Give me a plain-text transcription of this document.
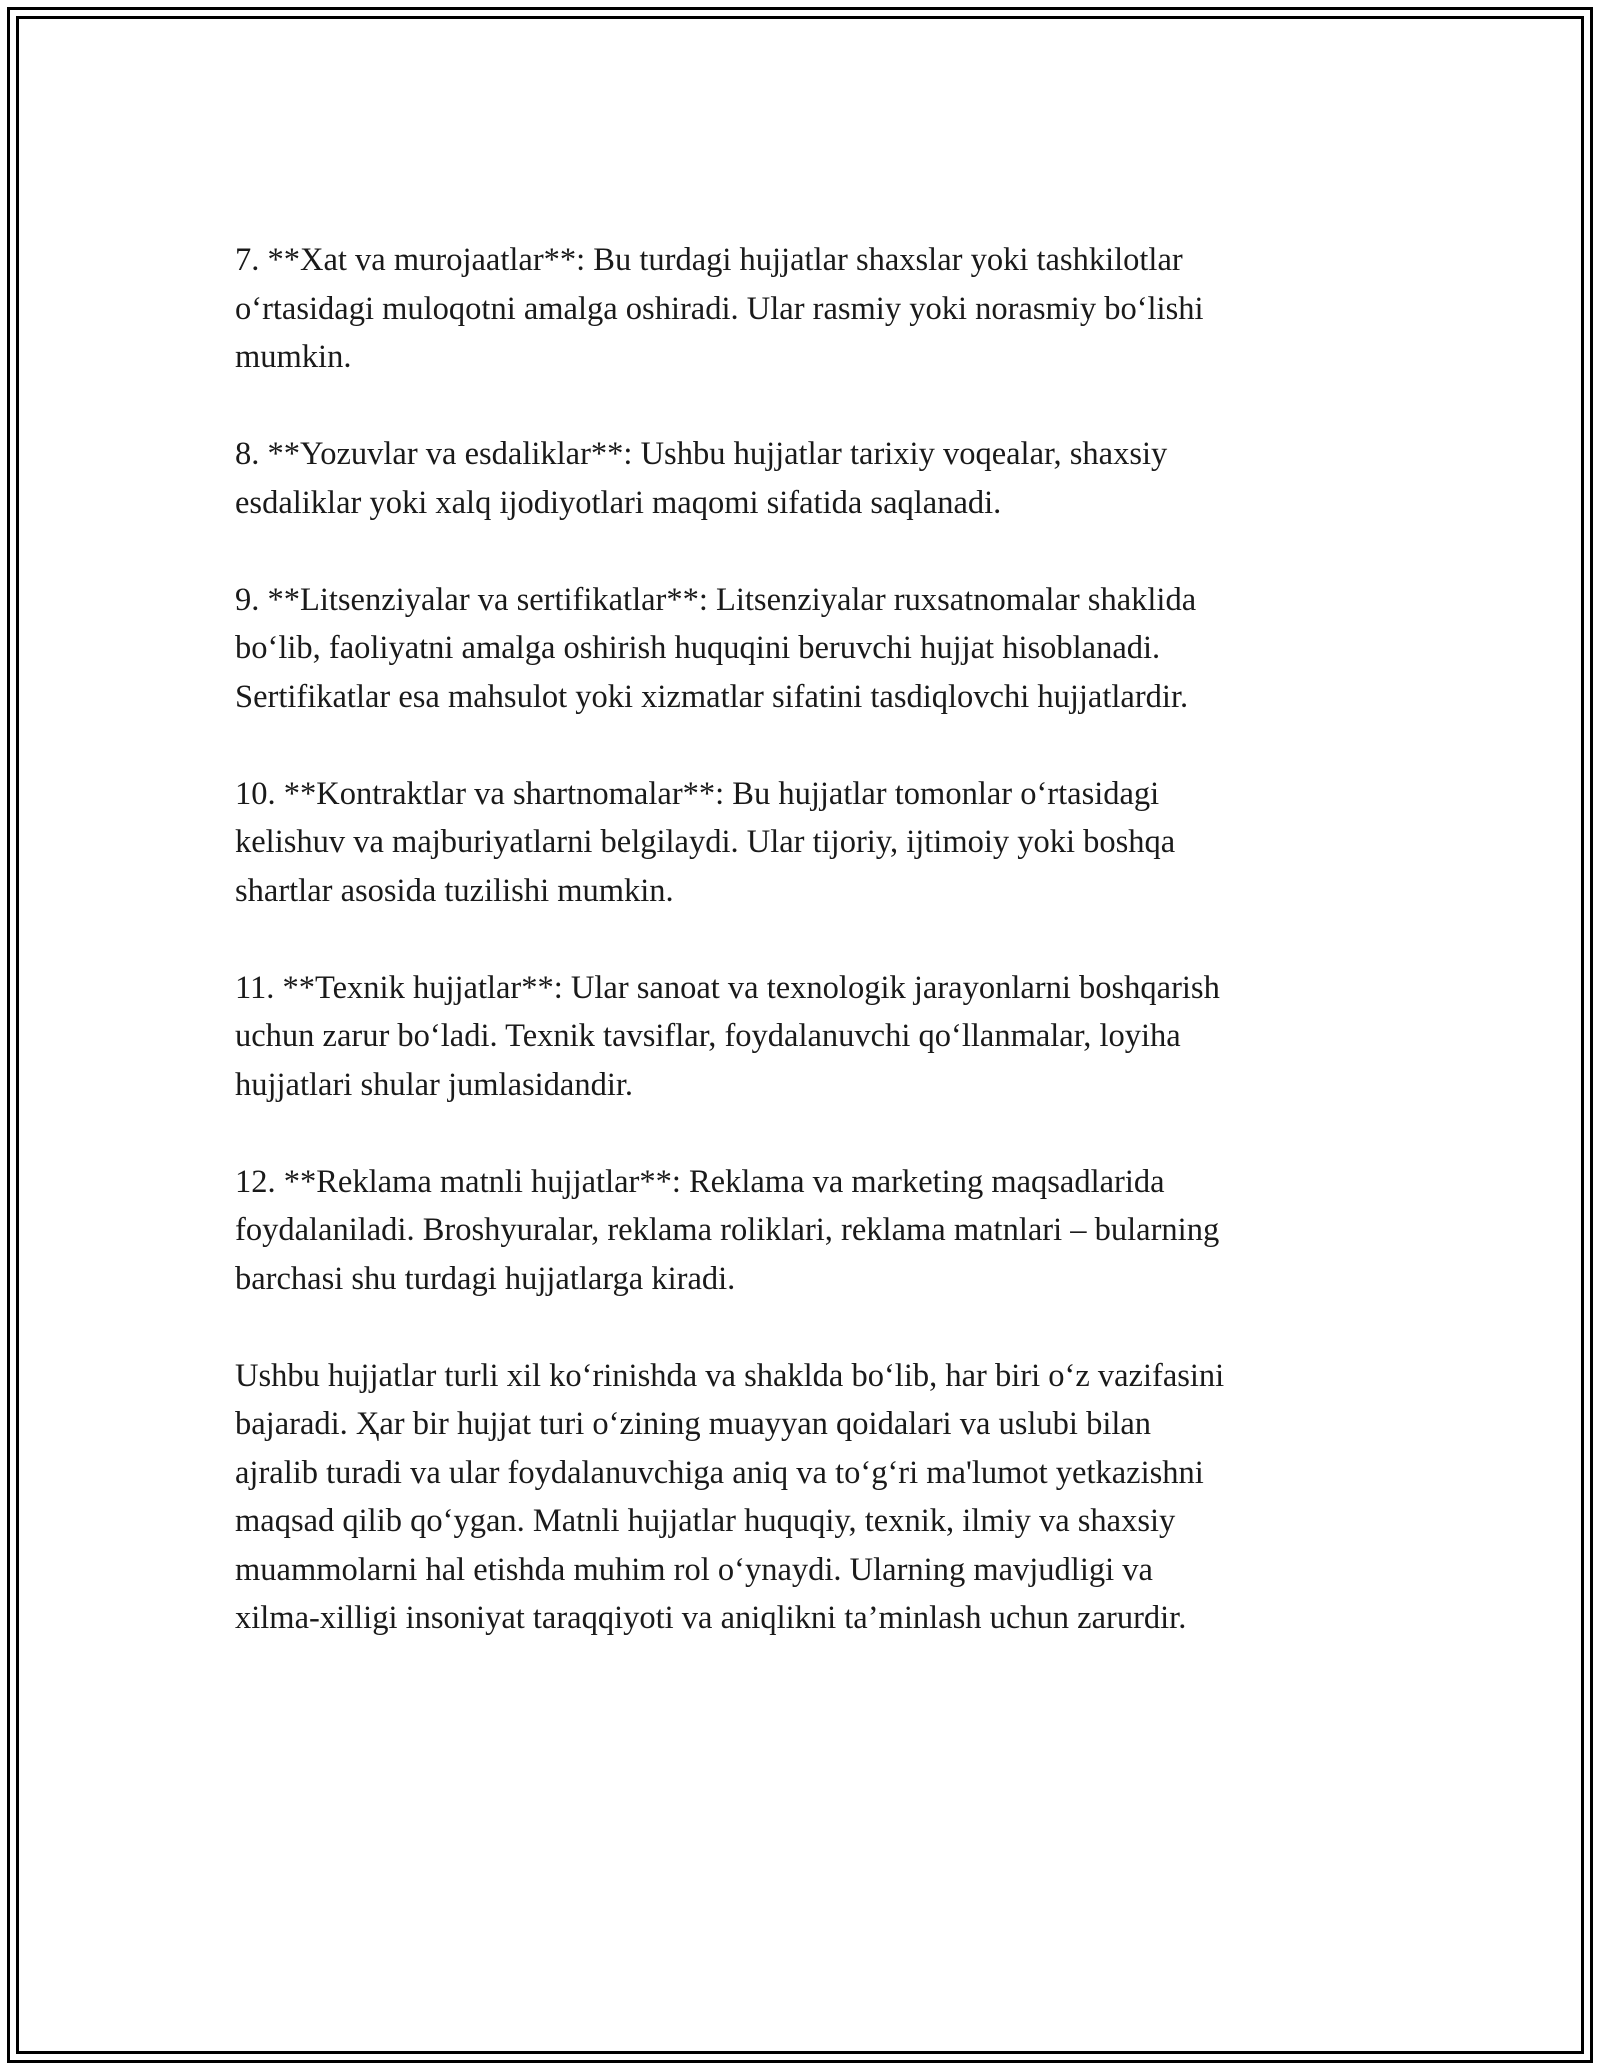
7. **Xat va murojaatlar**: Bu turdagi hujjatlar shaxslar yoki tashkilotlar
o‘rtasidagi muloqotni amalga oshiradi. Ular rasmiy yoki norasmiy bo‘lishi
mumkin.

8. **Yozuvlar va esdaliklar**: Ushbu hujjatlar tarixiy voqealar, shaxsiy
esdaliklar yoki xalq ijodiyotlari maqomi sifatida saqlanadi.

9. **Litsenziyalar va sertifikatlar**: Litsenziyalar ruxsatnomalar shaklida
bo‘lib, faoliyatni amalga oshirish huquqini beruvchi hujjat hisoblanadi.
Sertifikatlar esa mahsulot yoki xizmatlar sifatini tasdiqlovchi hujjatlardir.

10. **Kontraktlar va shartnomalar**: Bu hujjatlar tomonlar o‘rtasidagi
kelishuv va majburiyatlarni belgilaydi. Ular tijoriy, ijtimoiy yoki boshqa
shartlar asosida tuzilishi mumkin.

11. **Texnik hujjatlar**: Ular sanoat va texnologik jarayonlarni boshqarish
uchun zarur bo‘ladi. Texnik tavsiflar, foydalanuvchi qo‘llanmalar, loyiha
hujjatlari shular jumlasidandir.

12. **Reklama matnli hujjatlar**: Reklama va marketing maqsadlarida
foydalaniladi. Broshyuralar, reklama roliklari, reklama matnlari – bularning
barchasi shu turdagi hujjatlarga kiradi.

Ushbu hujjatlar turli xil ko‘rinishda va shaklda bo‘lib, har biri o‘z vazifasini
bajaradi. Ҳar bir hujjat turi o‘zining muayyan qoidalari va uslubi bilan
ajralib turadi va ular foydalanuvchiga aniq va to‘g‘ri ma'lumot yetkazishni
maqsad qilib qo‘ygan. Matnli hujjatlar huquqiy, texnik, ilmiy va shaxsiy
muammolarni hal etishda muhim rol o‘ynaydi. Ularning mavjudligi va
xilma-xilligi insoniyat taraqqiyoti va aniqlikni ta’minlash uchun zarurdir.
